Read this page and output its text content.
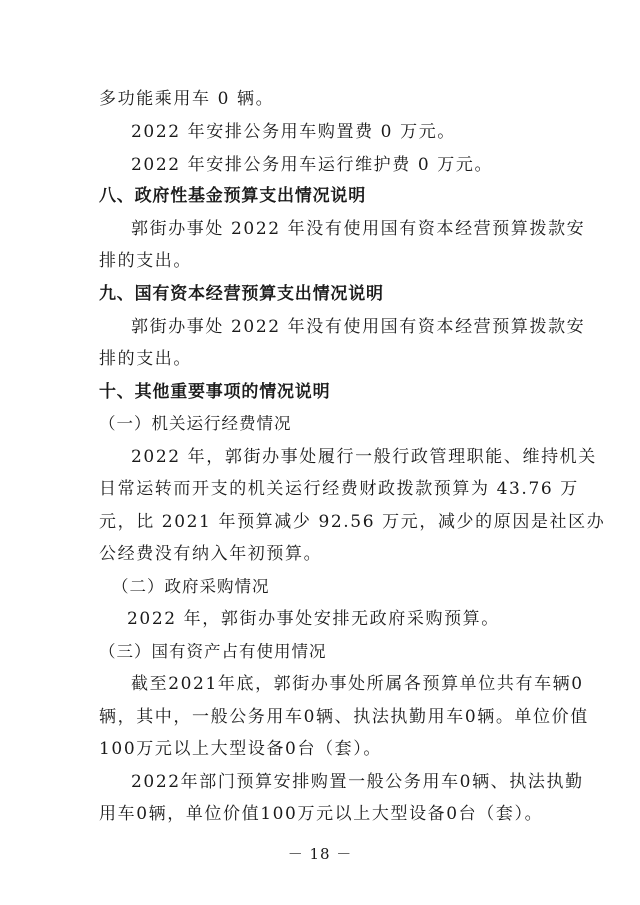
多功能乘用车 0 辆。
2022 年安排公务用车购置费 0 万元。
2022 年安排公务用车运行维护费 0 万元。
八、政府性基金预算支出情况说明
郭街办事处 2022 年没有使用国有资本经营预算拨款安
排的支出。
九、国有资本经营预算支出情况说明
郭街办事处 2022 年没有使用国有资本经营预算拨款安
排的支出。
十、其他重要事项的情况说明
（一）机关运行经费情况
2022 年，郭街办事处履行一般行政管理职能、维持机关
日常运转而开支的机关运行经费财政拨款预算为 43.76 万
元，比 2021 年预算减少 92.56 万元，减少的原因是社区办
公经费没有纳入年初预算。
（二）政府采购情况
2022 年，郭街办事处安排无政府采购预算。
（三）国有资产占有使用情况
截至2021年底，郭街办事处所属各预算单位共有车辆0
辆，其中，一般公务用车0辆、执法执勤用车0辆。单位价值
100万元以上大型设备0台（套）。
2022年部门预算安排购置一般公务用车0辆、执法执勤
用车0辆，单位价值100万元以上大型设备0台（套）。
－ 18 －
